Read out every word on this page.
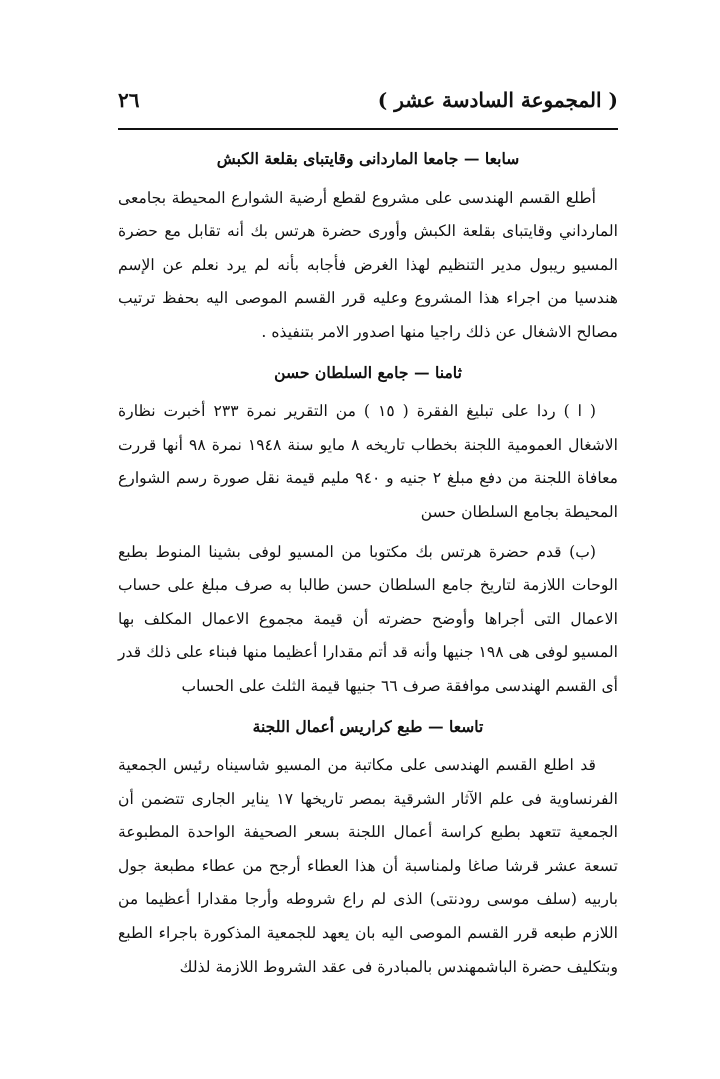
٢٦	( المجموعة السادسة عشر )

سابعا — جامعا الماردانى وقايتباى بقلعة الكبش

أطلع القسم الهندسى على مشروع لقطع أرضية الشوارع المحيطة بجامعى المارداني وقايتباى بقلعة الكبش وأورى حضرة هرتس بك أنه تقابل مع حضرة المسيو ريبول مدير التنظيم لهذا الغرض فأجابه بأنه لم يرد نعلم عن الإسم هندسيا من اجراء هذا المشروع وعليه قرر القسم الموصى اليه بحفظ ترتيب مصالح الاشغال عن ذلك راجيا منها اصدور الامر بتنفيذه .

ثامنا — جامع السلطان حسن

( ا ) ردا على تبليغ الفقرة ( ١٥ ) من التقرير نمرة ٢٣٣ أخبرت نظارة الاشغال العمومية اللجنة بخطاب تاريخه ٨ مايو سنة ١٩٤٨ نمرة ٩٨ أنها قررت معافاة اللجنة من دفع مبلغ ٢ جنيه و ٩٤٠ مليم قيمة نقل صورة رسم الشوارع المحيطة بجامع السلطان حسن

(ب) قدم حضرة هرتس بك مكتوبا من المسيو لوفى بشينا المنوط بطبع الوحات اللازمة لتاريخ جامع السلطان حسن طالبا به صرف مبلغ على حساب الاعمال التى أجراها وأوضح حضرته أن قيمة مجموع الاعمال المكلف بها المسيو لوفى هى ١٩٨ جنيها وأنه قد أتم مقدارا أعظيما منها فبناء على ذلك قدر أى القسم الهندسى موافقة صرف ٦٦ جنيها قيمة الثلث على الحساب

تاسعا — طبع كراريس أعمال اللجنة

قد اطلع القسم الهندسى على مكاتبة من المسيو شاسيناه رئيس الجمعية الفرنساوية فى علم الآثار الشرقية بمصر تاريخها ١٧ يناير الجارى تتضمن أن الجمعية تتعهد بطبع كراسة أعمال اللجنة بسعر الصحيفة الواحدة المطبوعة تسعة عشر قرشا صاغا ولمناسبة أن هذا العطاء أرجح من عطاء مطبعة جول باربيه (سلف موسى رودنتى) الذى لم راع شروطه وأرجا مقدارا أعظيما من اللازم طبعه قرر القسم الموصى اليه بان يعهد للجمعية المذكورة باجراء الطبع وبتكليف حضرة الباشمهندس بالمبادرة فى عقد الشروط اللازمة لذلك
